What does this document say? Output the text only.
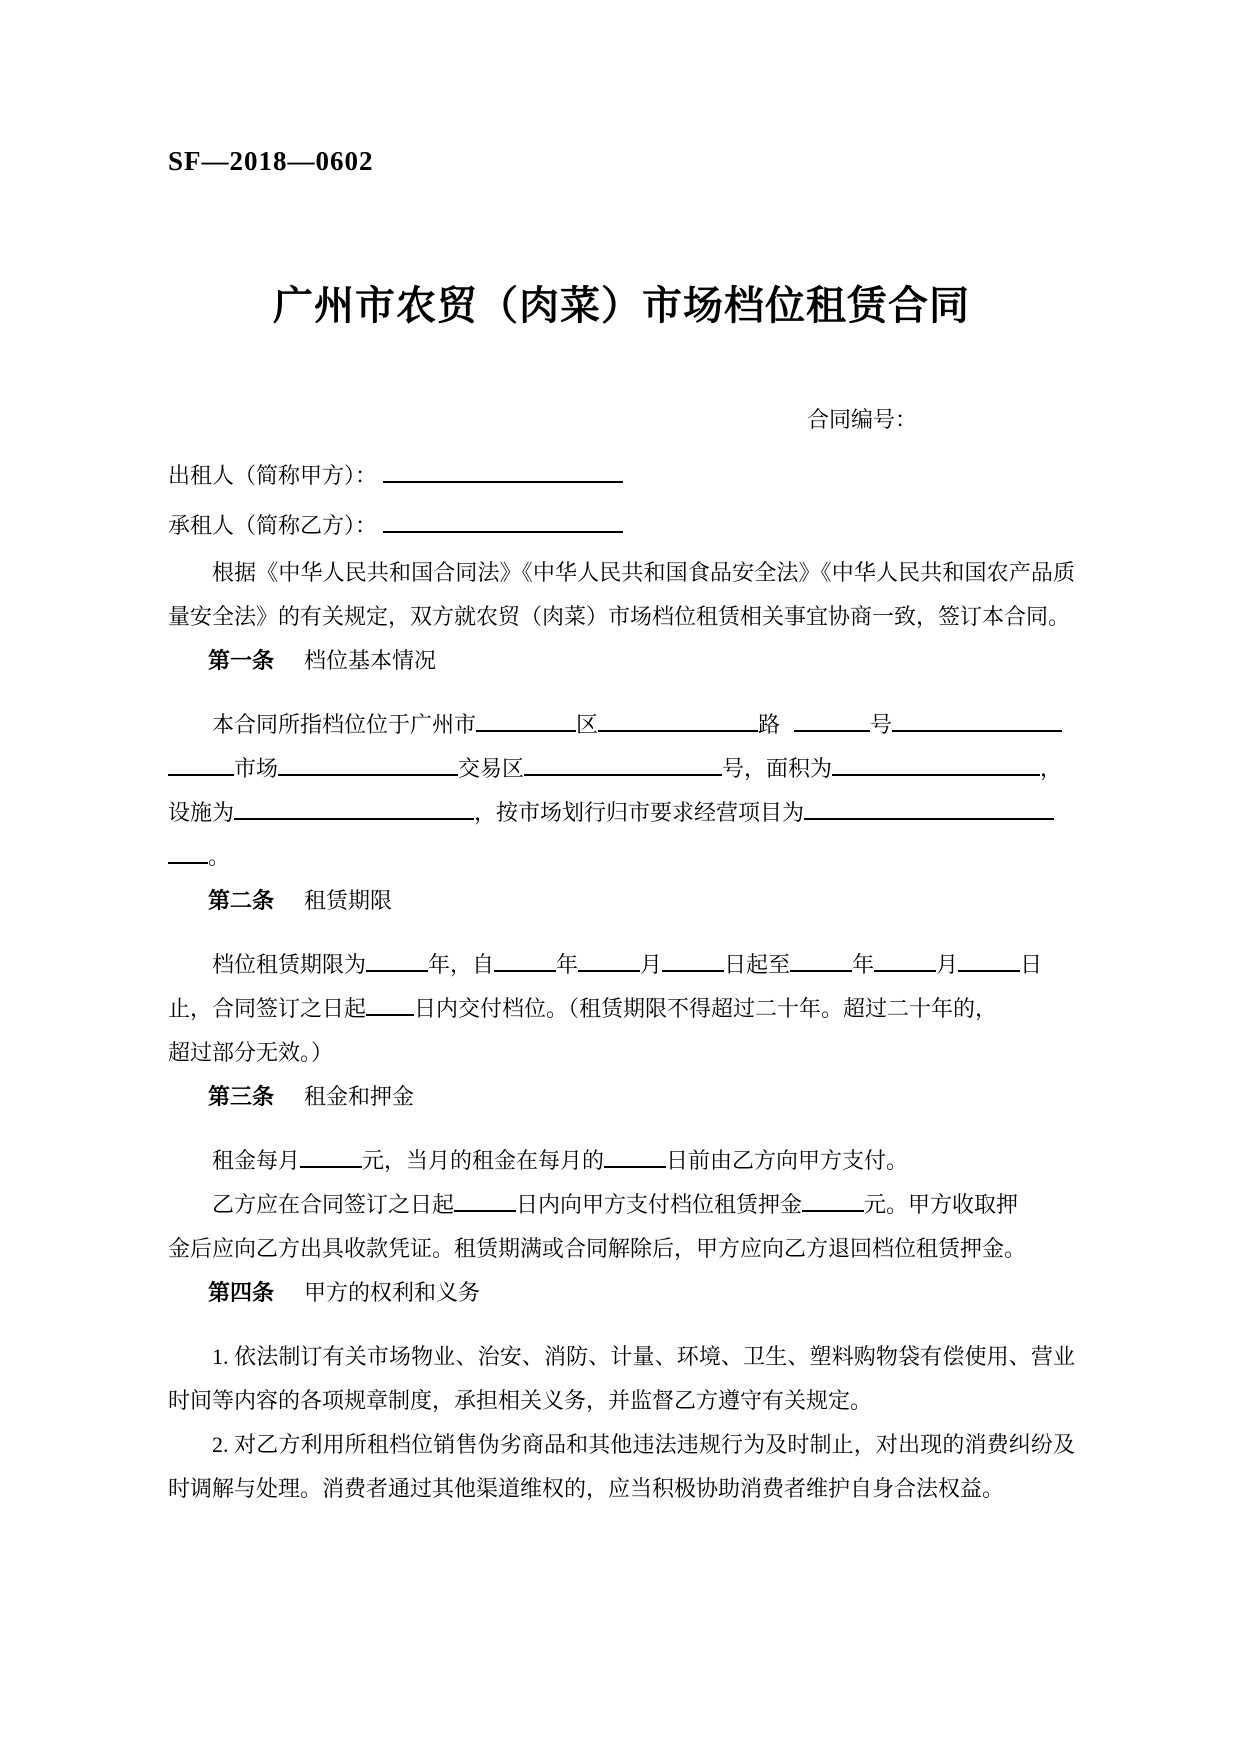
SF—2018—0602
广州市农贸（肉菜）市场档位租赁合同
合同编号：
出租人（简称甲方）：
承租人（简称乙方）：
根据《中华人民共和国合同法》《中华人民共和国食品安全法》《中华人民共和国农产品质量安全法》的有关规定，双方就农贸（肉菜）市场档位租赁相关事宜协商一致，签订本合同。

第一条 档位基本情况

本合同所指档位位于广州市	区	路	号
市场	交易区	号，面积为	，
设施为	，按市场划行归市要求经营项目为
。

第二条 租赁期限

档位租赁期限为	年，自	年	月	日起至	年	月	日
止，合同签订之日起 日内交付档位。（租赁期限不得超过二十年。超过二十年的，
超过部分无效。）

第三条 租金和押金

租金每月	元，当月的租金在每月的	日前由乙方向甲方支付。
乙方应在合同签订之日起	日内向甲方支付档位租赁押金	元。甲方收取押
金后应向乙方出具收款凭证。租赁期满或合同解除后，甲方应向乙方退回档位租赁押金。

第四条 甲方的权利和义务

1. 依法制订有关市场物业、治安、消防、计量、环境、卫生、塑料购物袋有偿使用、营业时间等内容的各项规章制度，承担相关义务，并监督乙方遵守有关规定。
2. 对乙方利用所租档位销售伪劣商品和其他违法违规行为及时制止，对出现的消费纠纷及时调解与处理。消费者通过其他渠道维权的，应当积极协助消费者维护自身合法权益。
